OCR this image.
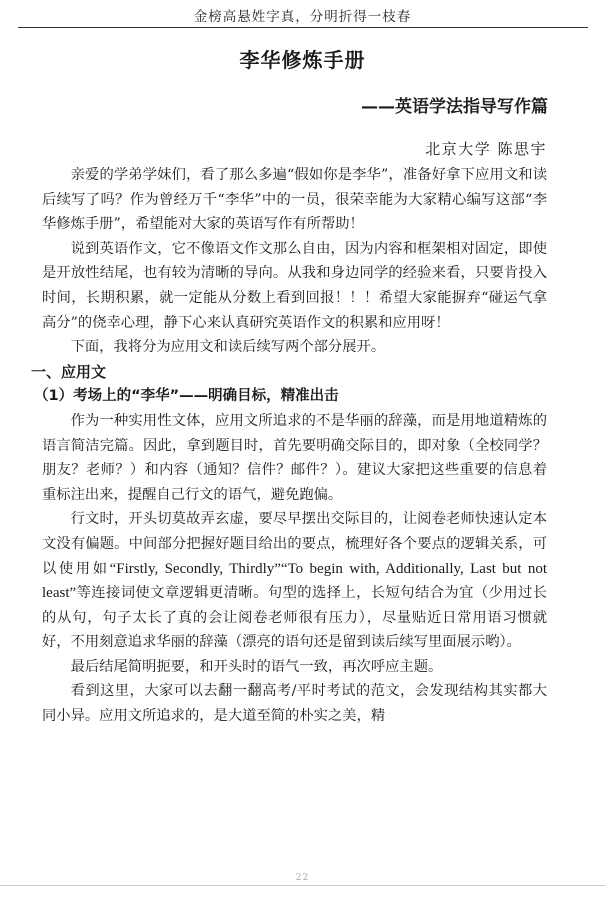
金榜高悬姓字真，分明折得一枝春
李华修炼手册
——英语学法指导写作篇
北京大学 陈思宇

亲爱的学弟学妹们，看了那么多遍“假如你是李华”，准备好拿下应用文和读后续写了吗？作为曾经万千“李华”中的一员，很荣幸能为大家精心编写这部“李华修炼手册”，希望能对大家的英语写作有所帮助！

说到英语作文，它不像语文作文那么自由，因为内容和框架相对固定，即使是开放性结尾，也有较为清晰的导向。从我和身边同学的经验来看，只要肯投入时间，长期积累，就一定能从分数上看到回报！！！希望大家能摒弃“碰运气拿高分”的侥幸心理，静下心来认真研究英语作文的积累和应用呀！

下面，我将分为应用文和读后续写两个部分展开。

一、应用文

（1）考场上的“李华”——明确目标，精准出击

作为一种实用性文体，应用文所追求的不是华丽的辞藻，而是用地道精炼的语言简洁完篇。因此，拿到题目时，首先要明确交际目的，即对象（全校同学？朋友？老师？）和内容（通知？信件？邮件？）。建议大家把这些重要的信息着重标注出来，提醒自己行文的语气，避免跑偏。

行文时，开头切莫故弄玄虚，要尽早摆出交际目的，让阅卷老师快速认定本文没有偏题。中间部分把握好题目给出的要点，梳理好各个要点的逻辑关系，可以使用如“Firstly, Secondly, Thirdly”“To begin with, Additionally, Last but not least”等连接词使文章逻辑更清晰。句型的选择上，长短句结合为宜（少用过长的从句，句子太长了真的会让阅卷老师很有压力），尽量贴近日常用语习惯就好，不用刻意追求华丽的辞藻（漂亮的语句还是留到读后续写里面展示哟）。

最后结尾简明扼要，和开头时的语气一致，再次呼应主题。

看到这里，大家可以去翻一翻高考/平时考试的范文，会发现结构其实都大同小异。应用文所追求的，是大道至简的朴实之美，精

22
